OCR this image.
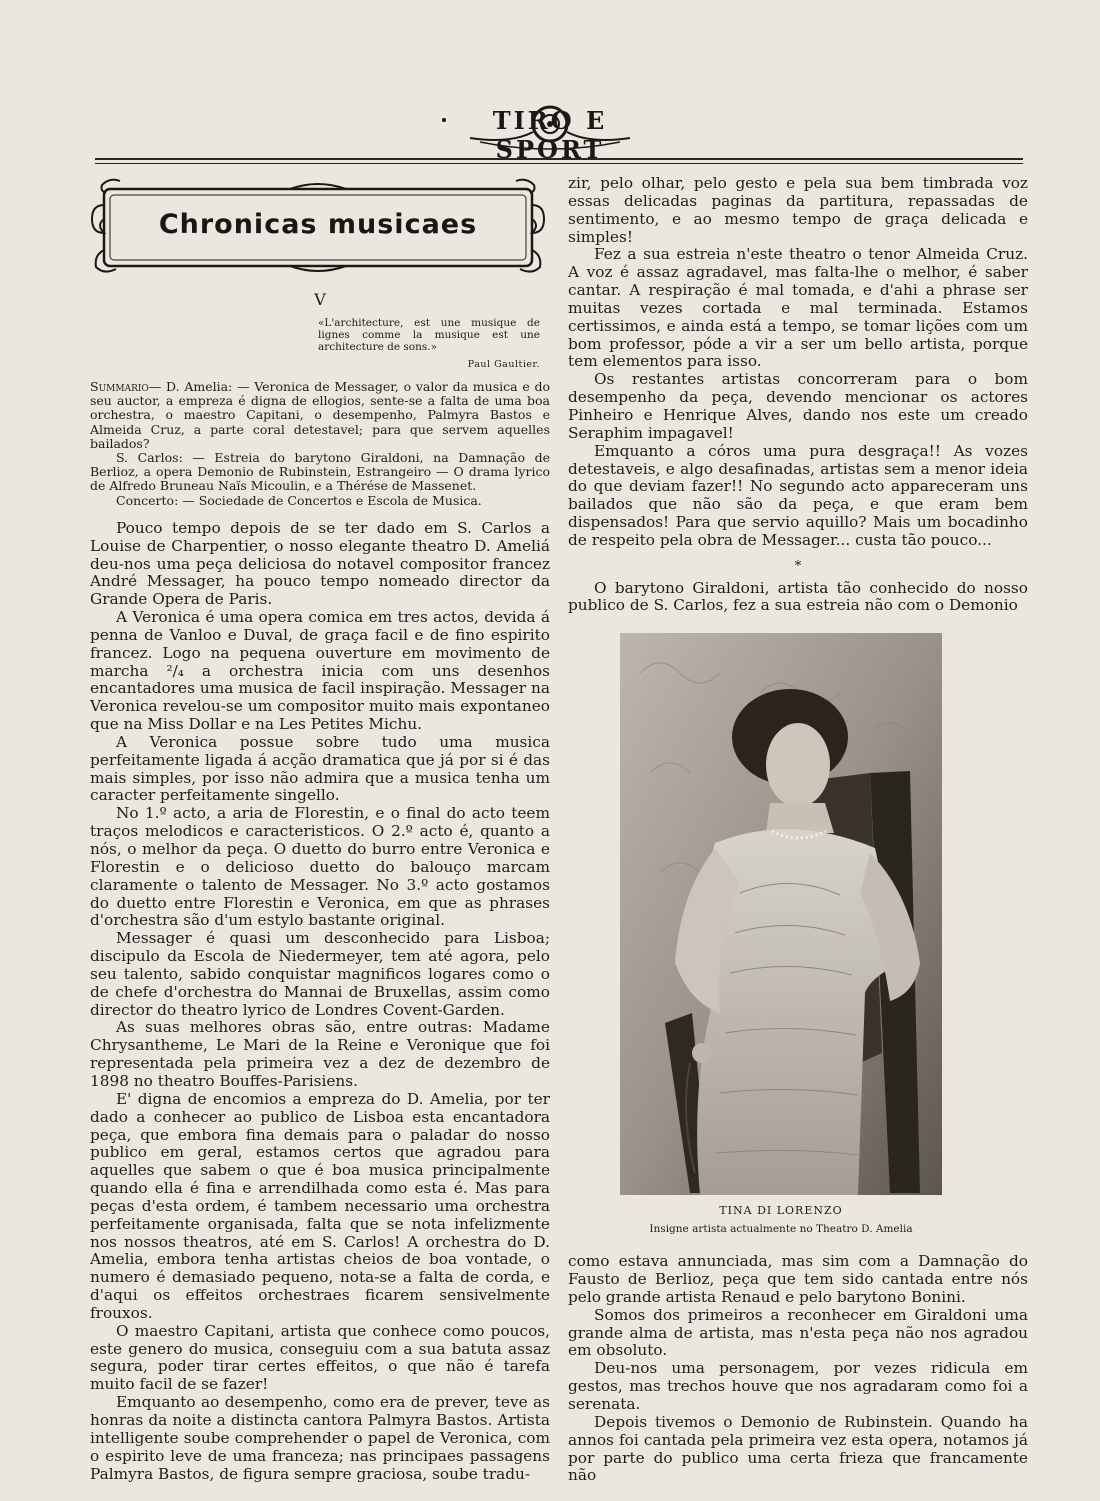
TIRO E SPORT
Chronicas musicaes
V
«L'architecture, est une musique de lignes comme la musique est une architecture de sons.»
Paul Gaultier.

Summario— D. Amelia: — Veronica de Messager, o valor da musica e do seu auctor, a empreza é digna de ellogios, sente-se a falta de uma boa orchestra, o maestro Capitani, o desempenho, Palmyra Bastos e Almeida Cruz, a parte coral detestavel; para que servem aquelles bailados?

S. Carlos: — Estreia do barytono Giraldoni, na Damnação de Berlioz, a opera Demonio de Rubinstein, Estrangeiro — O drama lyrico de Alfredo Bruneau Naïs Micoulin, e a Thérése de Massenet.

Concerto: — Sociedade de Concertos e Escola de Musica.

Pouco tempo depois de se ter dado em S. Carlos a Louise de Charpentier, o nosso elegante theatro D. Ameliá deu-nos uma peça deliciosa do notavel compositor francez André Messager, ha pouco tempo nomeado director da Grande Opera de Paris.

A Veronica é uma opera comica em tres actos, devida á penna de Vanloo e Duval, de graça facil e de fino espirito francez. Logo na pequena ouverture em movimento de marcha ²/₄ a orchestra inicia com uns desenhos encantadores uma musica de facil inspiração. Messager na Veronica revelou-se um compositor muito mais expontaneo que na Miss Dollar e na Les Petites Michu.

A Veronica possue sobre tudo uma musica perfeitamente ligada á acção dramatica que já por si é das mais simples, por isso não admira que a musica tenha um caracter perfeitamente singello.

No 1.º acto, a aria de Florestin, e o final do acto teem traços melodicos e caracteristicos. O 2.º acto é, quanto a nós, o melhor da peça. O duetto do burro entre Veronica e Florestin e o delicioso duetto do balouço marcam claramente o talento de Messager. No 3.º acto gostamos do duetto entre Florestin e Veronica, em que as phrases d'orchestra são d'um estylo bastante original.

Messager é quasi um desconhecido para Lisboa; discipulo da Escola de Niedermeyer, tem até agora, pelo seu talento, sabido conquistar magnificos logares como o de chefe d'orchestra do Mannai de Bruxellas, assim como director do theatro lyrico de Londres Covent-Garden.

As suas melhores obras são, entre outras: Madame Chrysantheme, Le Mari de la Reine e Veronique que foi representada pela primeira vez a dez de dezembro de 1898 no theatro Bouffes-Parisiens.

E' digna de encomios a empreza do D. Amelia, por ter dado a conhecer ao publico de Lisboa esta encantadora peça, que embora fina demais para o paladar do nosso publico em geral, estamos certos que agradou para aquelles que sabem o que é boa musica principalmente quando ella é fina e arrendilhada como esta é. Mas para peças d'esta ordem, é tambem necessario uma orchestra perfeitamente organisada, falta que se nota infelizmente nos nossos theatros, até em S. Carlos! A orchestra do D. Amelia, embora tenha artistas cheios de boa vontade, o numero é demasiado pequeno, nota-se a falta de corda, e d'aqui os effeitos orchestraes ficarem sensivelmente frouxos.

O maestro Capitani, artista que conhece como poucos, este genero do musica, conseguiu com a sua batuta assaz segura, poder tirar certes effeitos, o que não é tarefa muito facil de se fazer!

Emquanto ao desempenho, como era de prever, teve as honras da noite a distincta cantora Palmyra Bastos. Artista intelligente soube comprehender o papel de Veronica, com o espirito leve de uma franceza; nas principaes passagens Palmyra Bastos, de figura sempre graciosa, soube tradu-

zir, pelo olhar, pelo gesto e pela sua bem timbrada voz essas delicadas paginas da partitura, repassadas de sentimento, e ao mesmo tempo de graça delicada e simples!

Fez a sua estreia n'este theatro o tenor Almeida Cruz. A voz é assaz agradavel, mas falta-lhe o melhor, é saber cantar. A respiração é mal tomada, e d'ahi a phrase ser muitas vezes cortada e mal terminada. Estamos certissimos, e ainda está a tempo, se tomar lições com um bom professor, póde a vir a ser um bello artista, porque tem elementos para isso.

Os restantes artistas concorreram para o bom desempenho da peça, devendo mencionar os actores Pinheiro e Henrique Alves, dando nos este um creado Seraphim impagavel!

Emquanto a córos uma pura desgraça!! As vozes detestaveis, e algo desafinadas, artistas sem a menor ideia do que deviam fazer!! No segundo acto appareceram uns bailados que não são da peça, e que eram bem dispensados! Para que servio aquillo? Mais um bocadinho de respeito pela obra de Messager... custa tão pouco...

*

O barytono Giraldoni, artista tão conhecido do nosso publico de S. Carlos, fez a sua estreia não com o Demonio

TINA DI LORENZO
Insigne artista actualmente no Theatro D. Amelia

como estava annunciada, mas sim com a Damnação do Fausto de Berlioz, peça que tem sido cantada entre nós pelo grande artista Renaud e pelo barytono Bonini.

Somos dos primeiros a reconhecer em Giraldoni uma grande alma de artista, mas n'esta peça não nos agradou em obsoluto.

Deu-nos uma personagem, por vezes ridicula em gestos, mas trechos houve que nos agradaram como foi a serenata.

Depois tivemos o Demonio de Rubinstein. Quando ha annos foi cantada pela primeira vez esta opera, notamos já por parte do publico uma certa frieza que francamente não
